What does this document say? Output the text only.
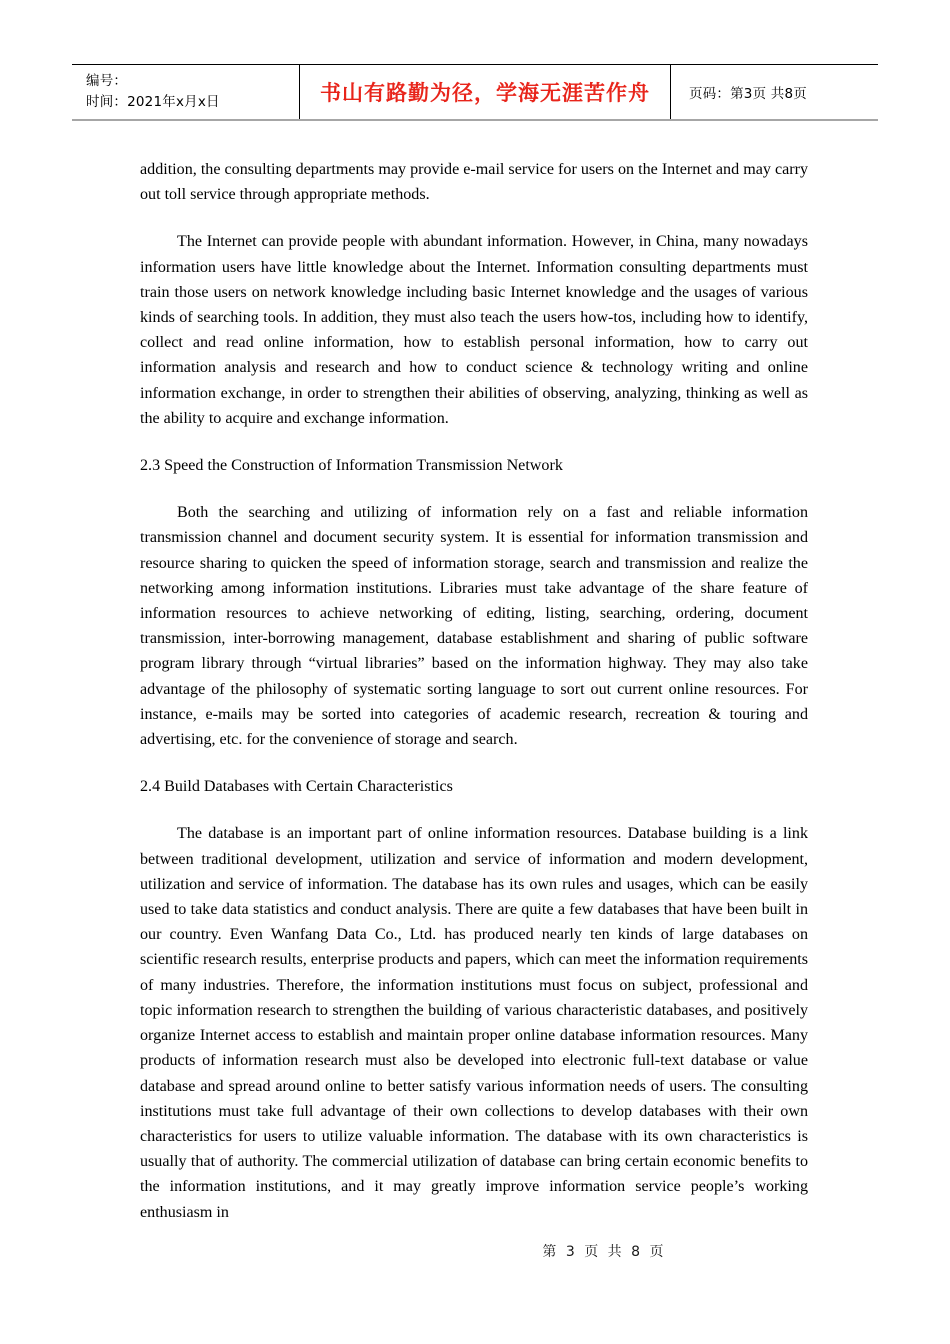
编号：
时间：2021年x月x日	书山有路勤为径，学海无涯苦作舟	页码：第3页 共8页

addition, the consulting departments may provide e-mail service for users on the Internet and may carry out toll service through appropriate methods.

The Internet can provide people with abundant information. However, in China, many nowadays information users have little knowledge about the Internet. Information consulting departments must train those users on network knowledge including basic Internet knowledge and the usages of various kinds of searching tools. In addition, they must also teach the users how-tos, including how to identify, collect and read online information, how to establish personal information, how to carry out information analysis and research and how to conduct science & technology writing and online information exchange, in order to strengthen their abilities of observing, analyzing, thinking as well as the ability to acquire and exchange information.

2.3 Speed the Construction of Information Transmission Network

Both the searching and utilizing of information rely on a fast and reliable information transmission channel and document security system. It is essential for information transmission and resource sharing to quicken the speed of information storage, search and transmission and realize the networking among information institutions. Libraries must take advantage of the share feature of information resources to achieve networking of editing, listing, searching, ordering, document transmission, inter-borrowing management, database establishment and sharing of public software program library through “virtual libraries” based on the information highway. They may also take advantage of the philosophy of systematic sorting language to sort out current online resources. For instance, e-mails may be sorted into categories of academic research, recreation & touring and advertising, etc. for the convenience of storage and search.

2.4 Build Databases with Certain Characteristics

The database is an important part of online information resources. Database building is a link between traditional development, utilization and service of information and modern development, utilization and service of information. The database has its own rules and usages, which can be easily used to take data statistics and conduct analysis. There are quite a few databases that have been built in our country. Even Wanfang Data Co., Ltd. has produced nearly ten kinds of large databases on scientific research results, enterprise products and papers, which can meet the information requirements of many industries. Therefore, the information institutions must focus on subject, professional and topic information research to strengthen the building of various characteristic databases, and positively organize Internet access to establish and maintain proper online database information resources. Many products of information research must also be developed into electronic full-text database or value database and spread around online to better satisfy various information needs of users. The consulting institutions must take full advantage of their own collections to develop databases with their own characteristics for users to utilize valuable information. The database with its own characteristics is usually that of authority. The commercial utilization of database can bring certain economic benefits to the information institutions, and it may greatly improve information service people’s working enthusiasm in

第 3 页 共 8 页
